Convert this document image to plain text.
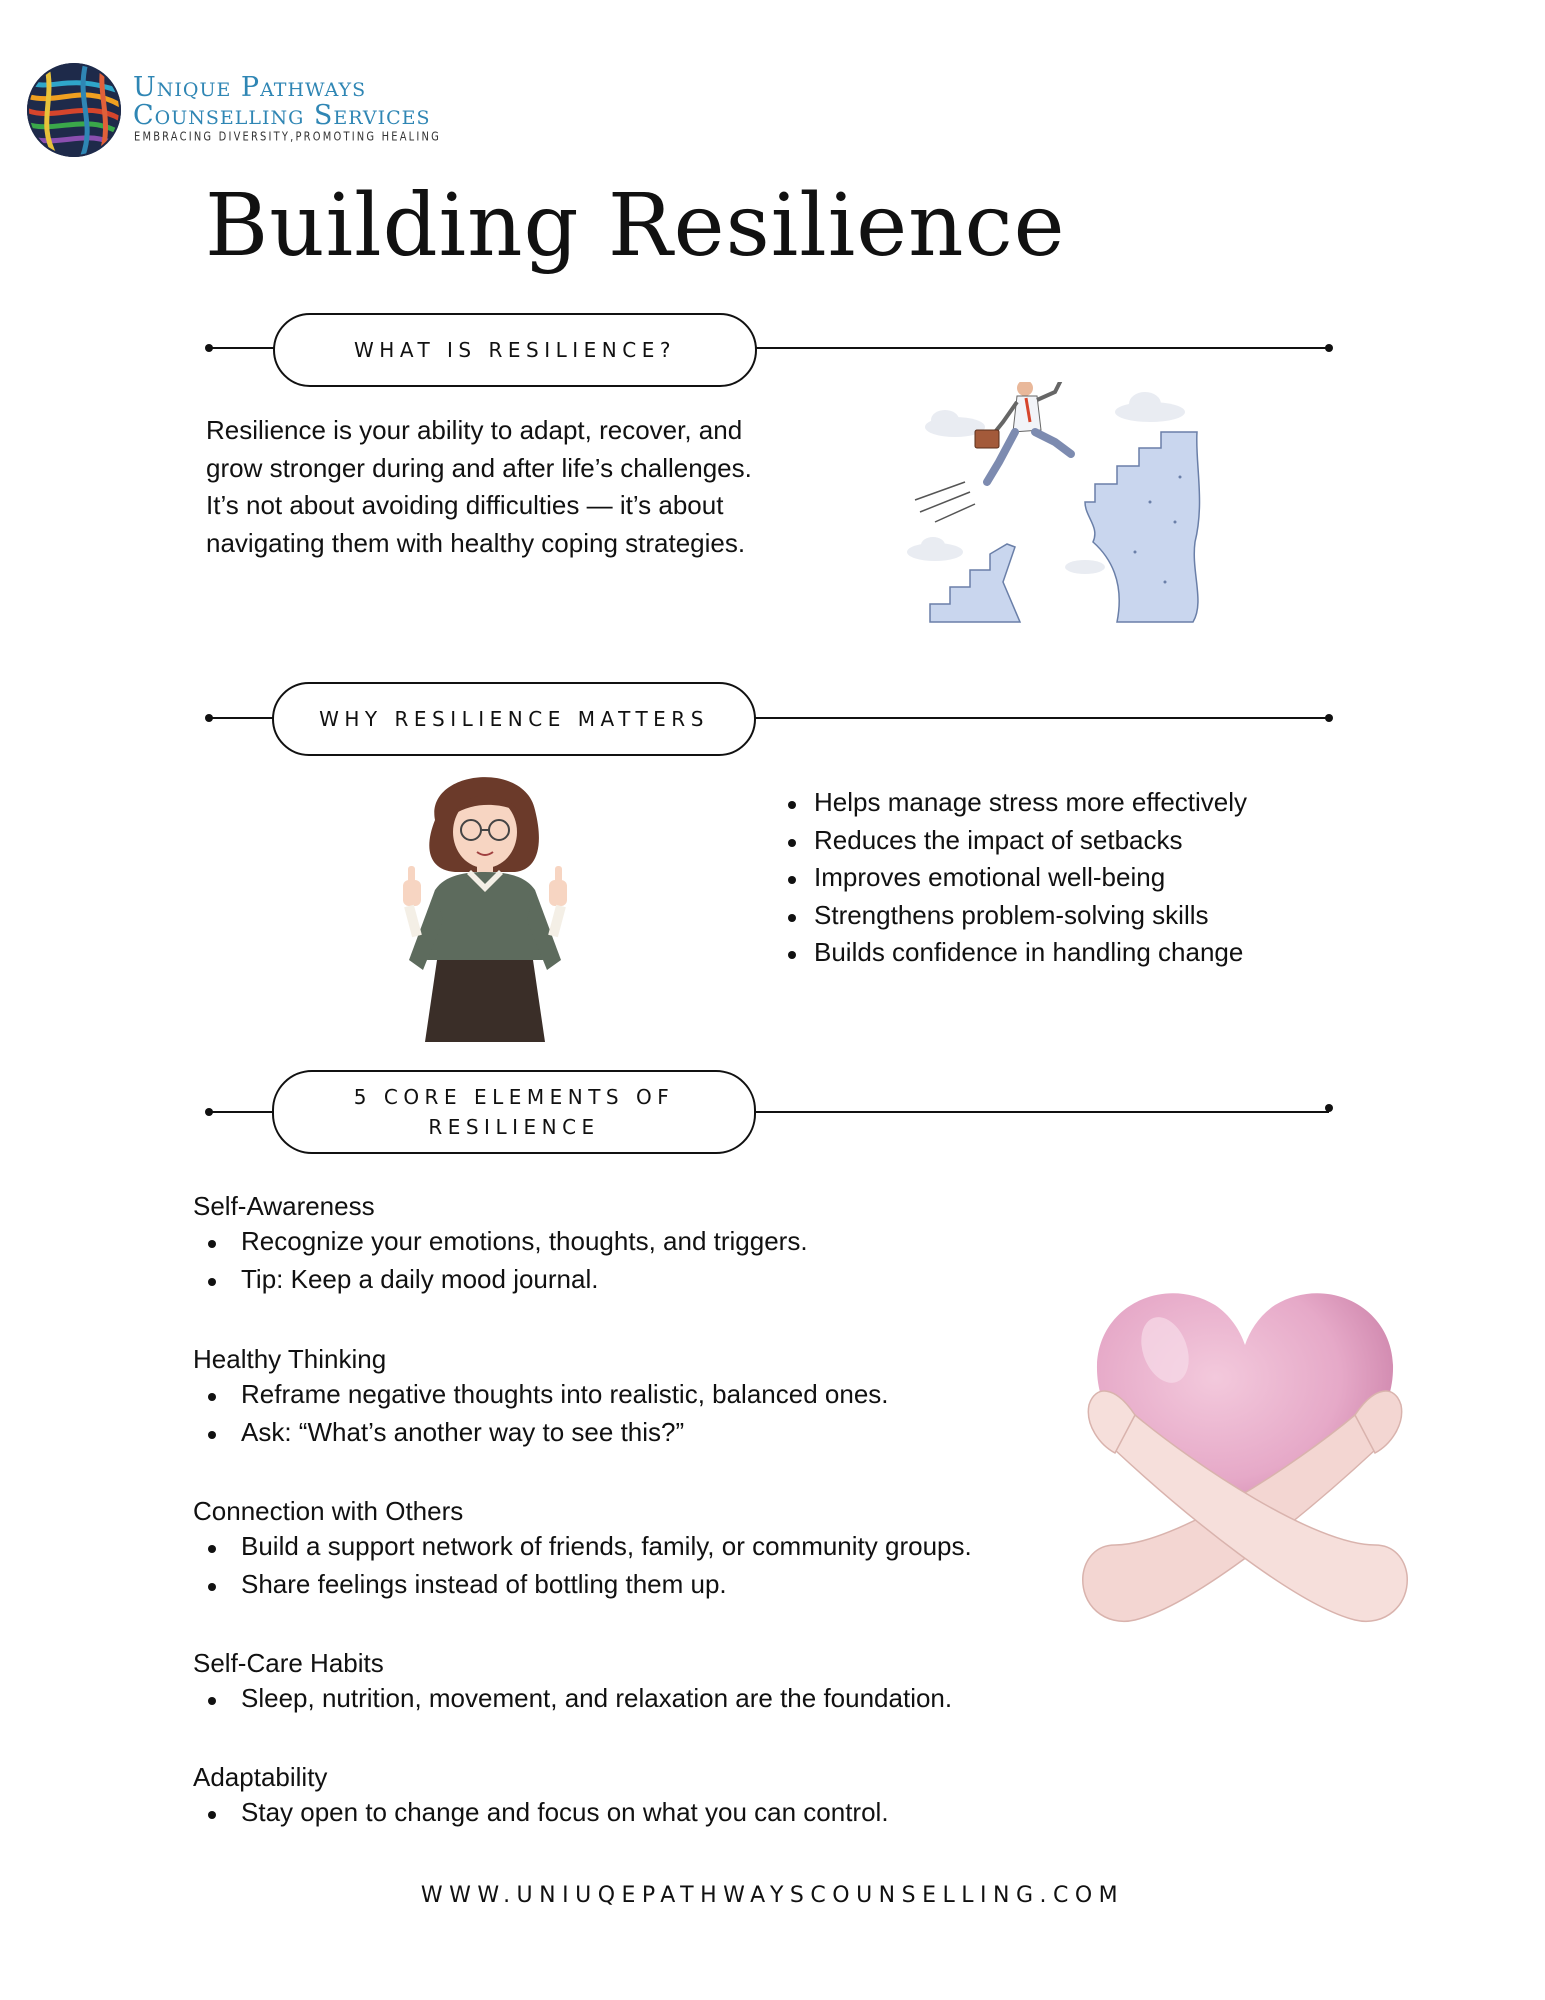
Unique Pathways
Counselling Services
EMBRACING DIVERSITY,PROMOTING HEALING
Building Resilience
WHAT IS RESILIENCE?
Resilience is your ability to adapt, recover, and grow stronger during and after life’s challenges. It’s not about avoiding difficulties — it’s about navigating them with healthy coping strategies.
WHY RESILIENCE MATTERS
Helps manage stress more effectively
Reduces the impact of setbacks
Improves emotional well-being
Strengthens problem-solving skills
Builds confidence in handling change
5 CORE ELEMENTS OF
RESILIENCE
Self-Awareness
Recognize your emotions, thoughts, and triggers.
Tip: Keep a daily mood journal.
Healthy Thinking
Reframe negative thoughts into realistic, balanced ones.
Ask: “What’s another way to see this?”
Connection with Others
Build a support network of friends, family, or community groups.
Share feelings instead of bottling them up.
Self-Care Habits
Sleep, nutrition, movement, and relaxation are the foundation.
Adaptability
Stay open to change and focus on what you can control.
WWW.UNIUQEPATHWAYSCOUNSELLING.COM
